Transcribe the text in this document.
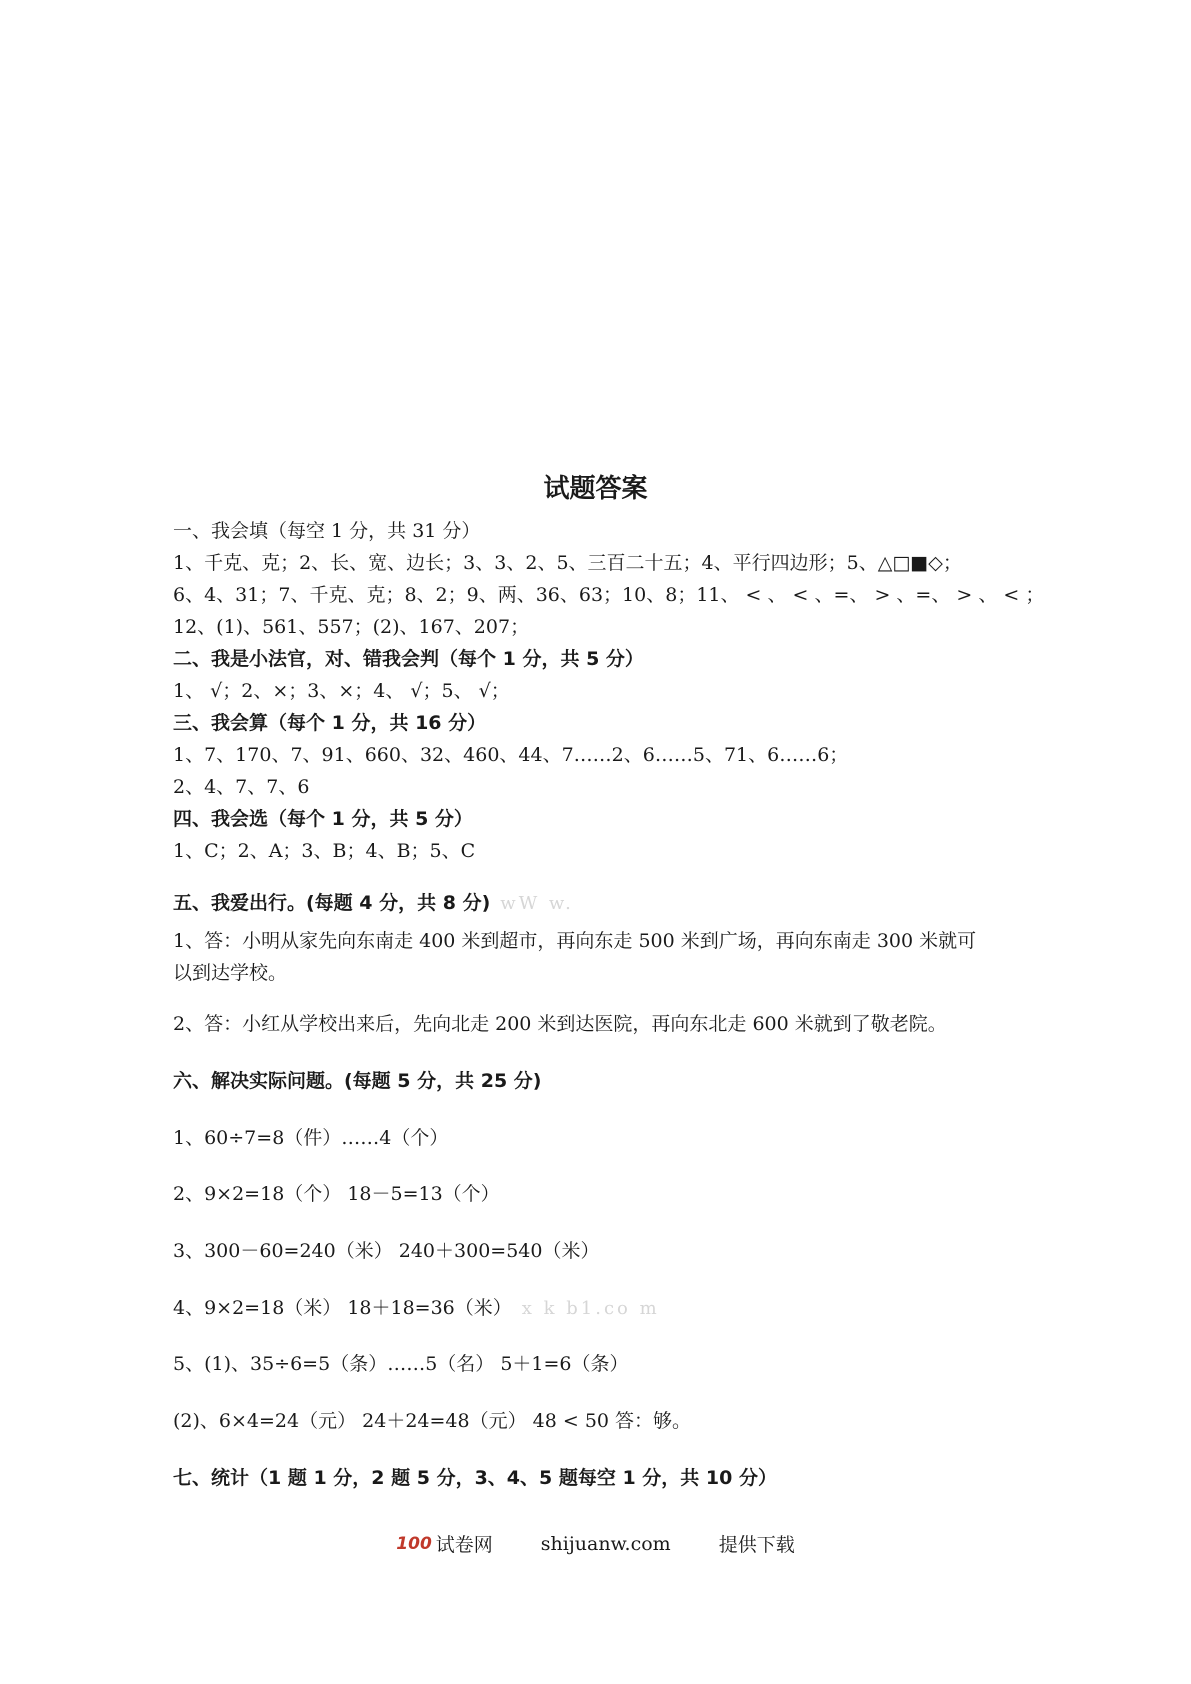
试题答案
一、我会填（每空 1 分，共 31 分）
1、千克、克；2、长、宽、边长；3、3、2、5、三百二十五；4、平行四边形；5、△□■◇；
6、4、31；7、千克、克；8、2；9、两、36、63；10、8；11、 < 、 < 、=、 > 、=、 > 、 < ；
12、(1)、561、557；(2)、167、207；
二、我是小法官，对、错我会判（每个 1 分，共 5 分）
1、 √；2、×；3、×；4、 √；5、 √；
三、我会算（每个 1 分，共 16 分）
1、7、170、7、91、660、32、460、44、7……2、6……5、71、6……6；
2、4、7、7、6
四、我会选（每个 1 分，共 5 分）
1、C；2、A；3、B；4、B；5、C
五、我爱出行。(每题 4 分，共 8 分) wW w.
1、答：小明从家先向东南走 400 米到超市，再向东走 500 米到广场，再向东南走 300 米就可
以到达学校。
2、答：小红从学校出来后，先向北走 200 米到达医院，再向东北走 600 米就到了敬老院。
六、解决实际问题。(每题 5 分，共 25 分)
1、60÷7=8（件）……4（个）
2、9×2=18（个） 18－5=13（个）
3、300－60=240（米） 240＋300=540（米）
4、9×2=18（米） 18＋18=36（米） x k b1.co m
5、(1)、35÷6=5（条）……5（名） 5＋1=6（条）
(2)、6×4=24（元） 24＋24=48（元） 48 < 50 答：够。
七、统计（1 题 1 分，2 题 5 分，3、4、5 题每空 1 分，共 10 分）
100 试卷网	shijuanw.com	提供下载
